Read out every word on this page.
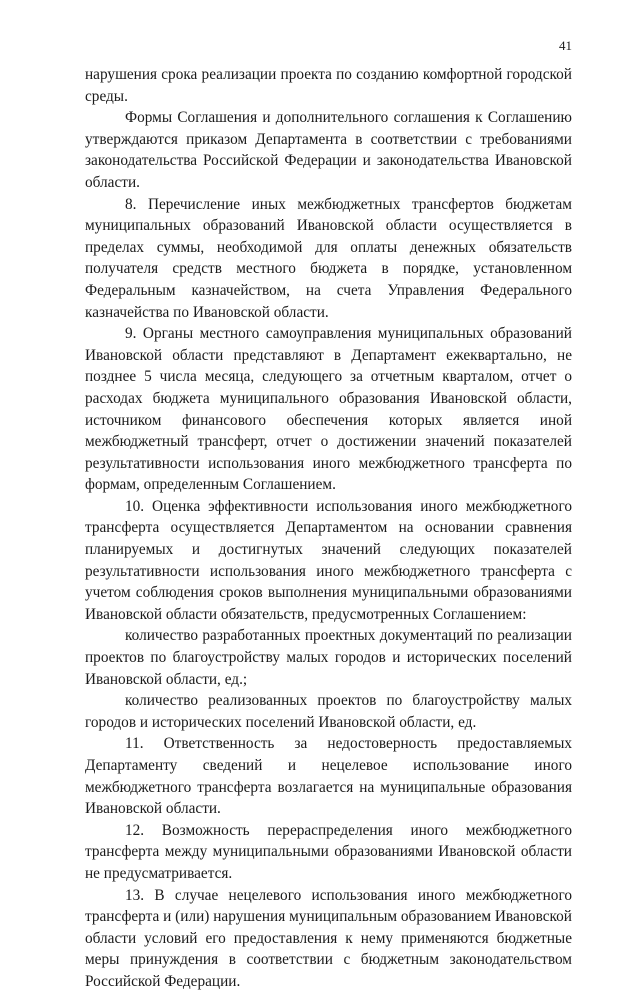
41

нарушения срока реализации проекта по созданию комфортной городской среды.

Формы Соглашения и дополнительного соглашения к Соглашению утверждаются приказом Департамента в соответствии с требованиями законодательства Российской Федерации и законодательства Ивановской области.

8. Перечисление иных межбюджетных трансфертов бюджетам муниципальных образований Ивановской области осуществляется в пределах суммы, необходимой для оплаты денежных обязательств получателя средств местного бюджета в порядке, установленном Федеральным казначейством, на счета Управления Федерального казначейства по Ивановской области.

9. Органы местного самоуправления муниципальных образований Ивановской области представляют в Департамент ежеквартально, не позднее 5 числа месяца, следующего за отчетным кварталом, отчет о расходах бюджета муниципального образования Ивановской области, источником финансового обеспечения которых является иной межбюджетный трансферт, отчет о достижении значений показателей результативности использования иного межбюджетного трансферта по формам, определенным Соглашением.

10. Оценка эффективности использования иного межбюджетного трансферта осуществляется Департаментом на основании сравнения планируемых и достигнутых значений следующих показателей результативности использования иного межбюджетного трансферта с учетом соблюдения сроков выполнения муниципальными образованиями Ивановской области обязательств, предусмотренных Соглашением:

количество разработанных проектных документаций по реализации проектов по благоустройству малых городов и исторических поселений Ивановской области, ед.;

количество реализованных проектов по благоустройству малых городов и исторических поселений Ивановской области, ед.

11. Ответственность за недостоверность предоставляемых Департаменту сведений и нецелевое использование иного межбюджетного трансферта возлагается на муниципальные образования Ивановской области.

12. Возможность перераспределения иного межбюджетного трансферта между муниципальными образованиями Ивановской области не предусматривается.

13. В случае нецелевого использования иного межбюджетного трансферта и (или) нарушения муниципальным образованием Ивановской области условий его предоставления к нему применяются бюджетные меры принуждения в соответствии с бюджетным законодательством Российской Федерации.
